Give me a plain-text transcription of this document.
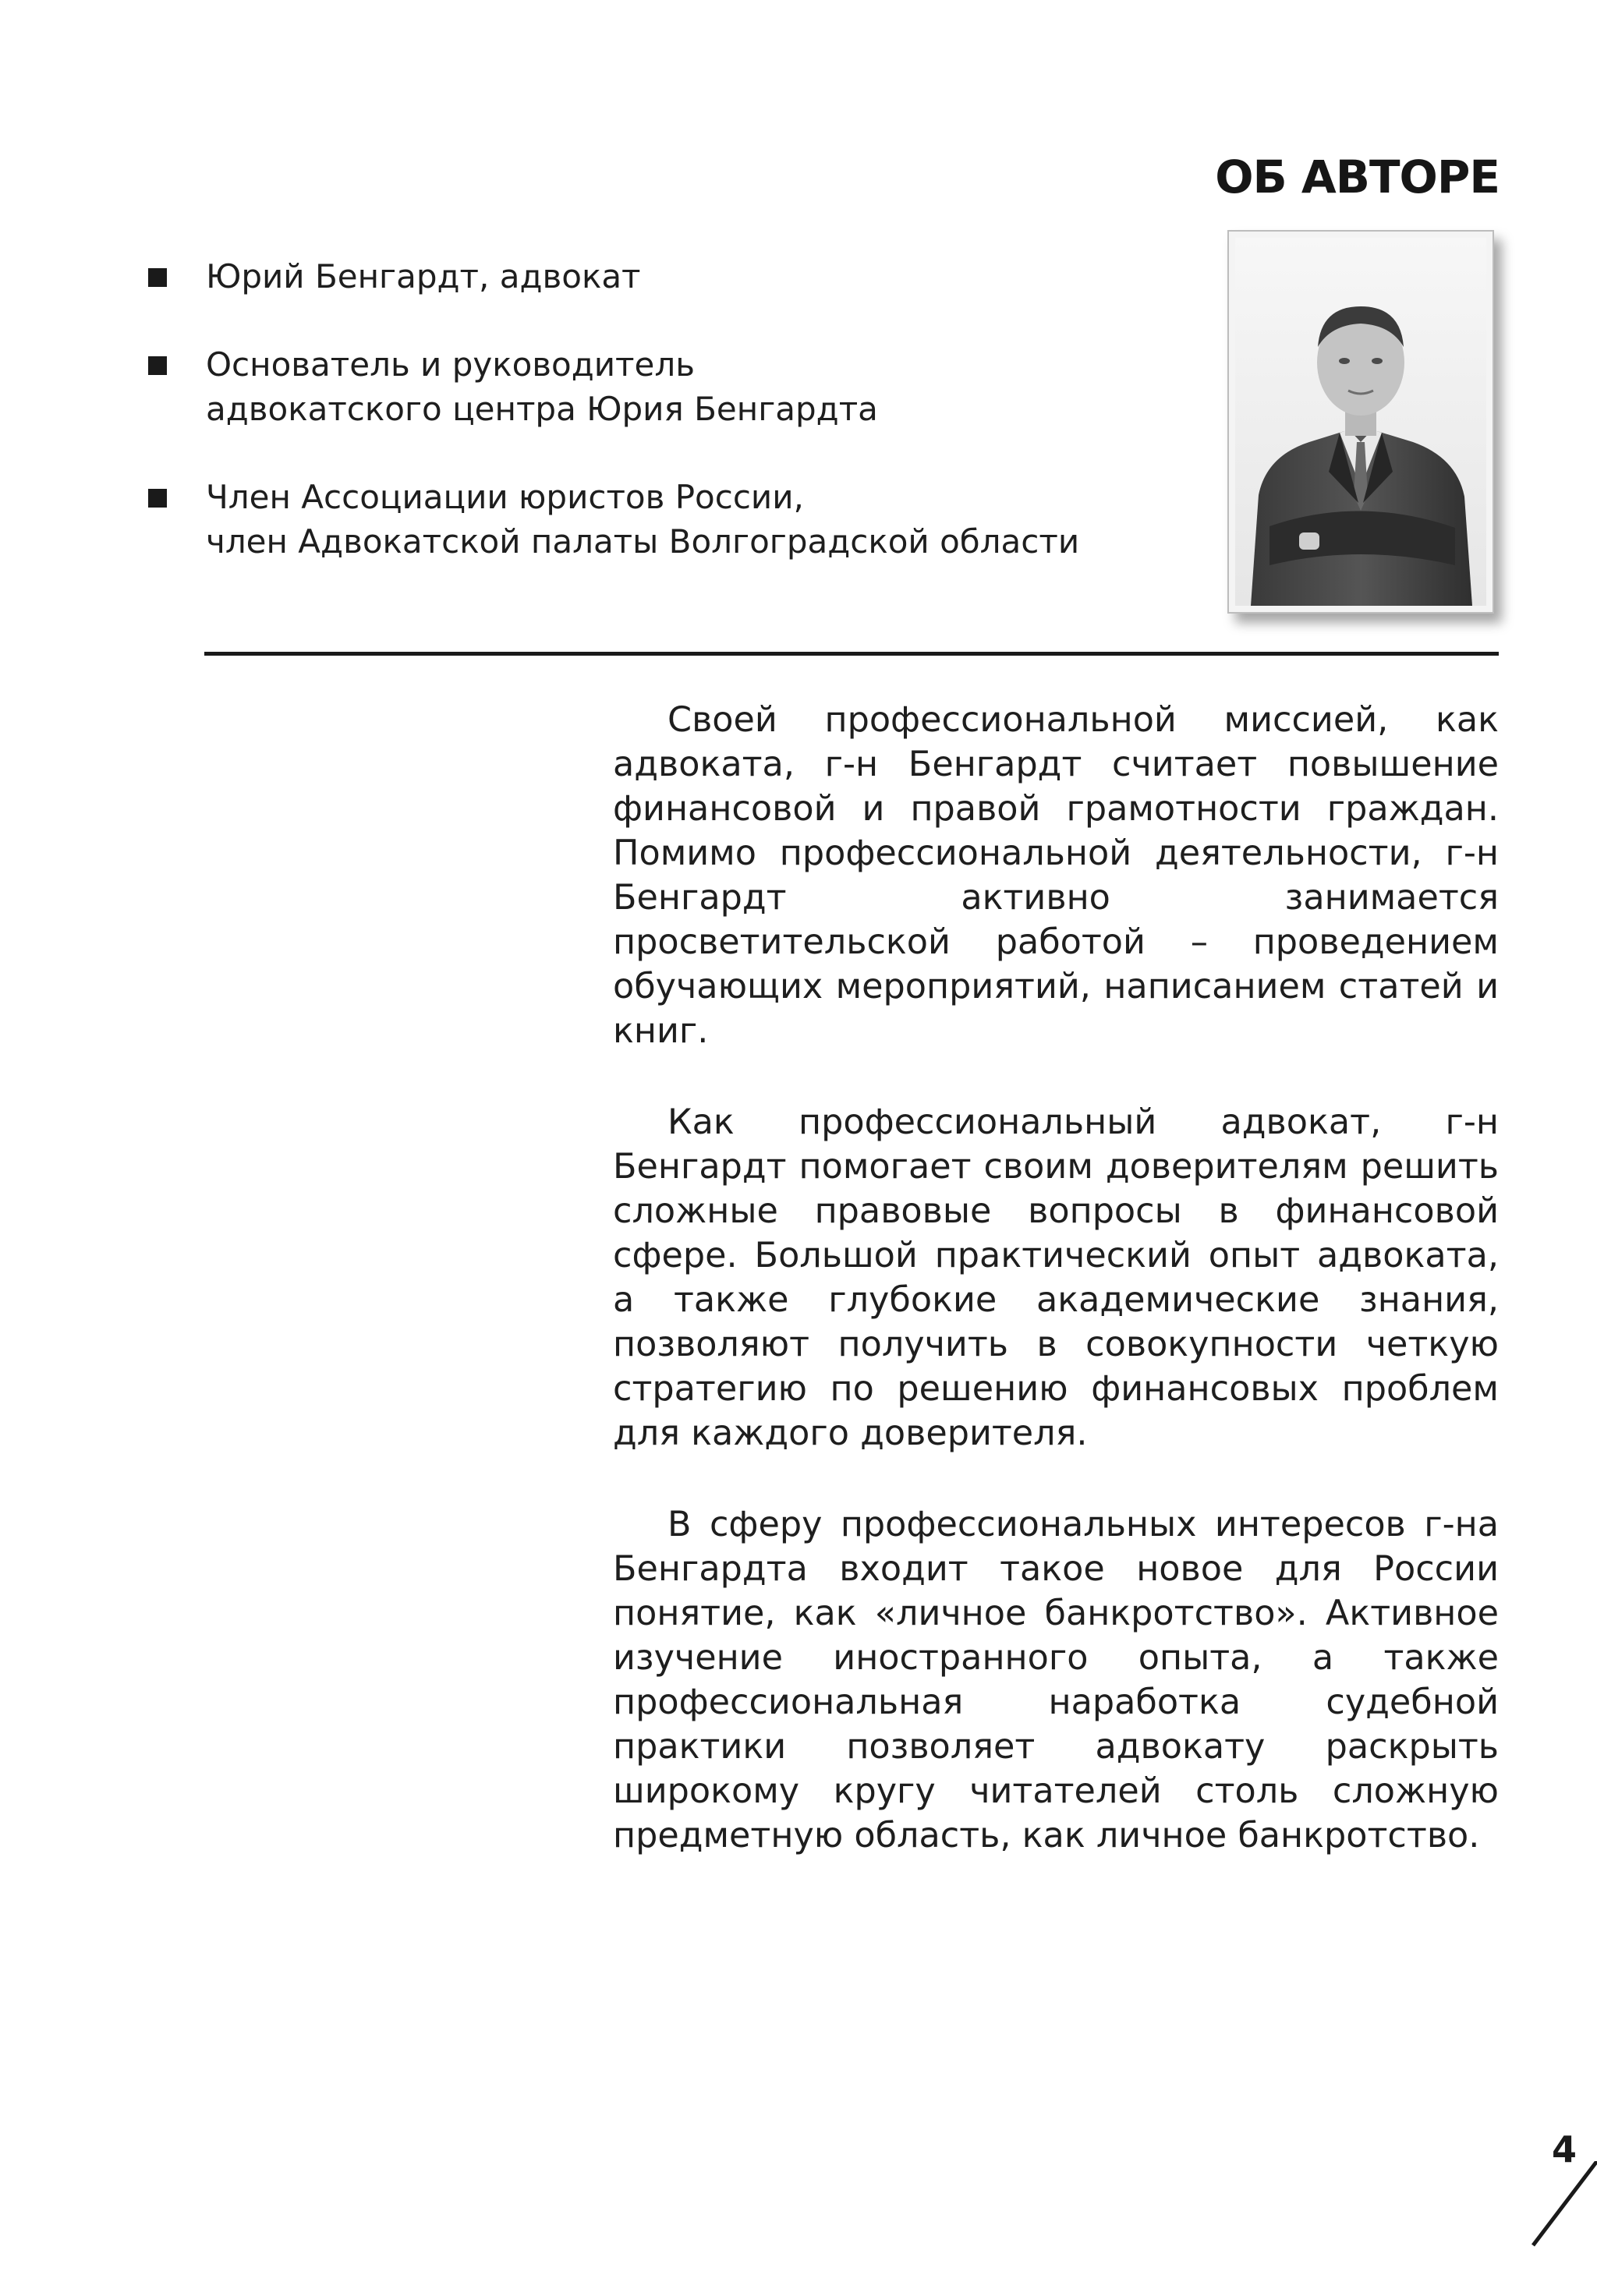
ОБ АВТОРЕ
Юрий Бенгардт, адвокат
Основатель и руководитель
адвокатского центра Юрия Бенгардта
Член Ассоциации юристов России,
член Адвокатской палаты Волгоградской области

Своей профессиональной миссией, как адвоката, г-н Бенгардт считает повышение финансовой и правой грамотности граждан. Помимо профессиональной деятельности, г-н Бенгардт активно занимается просветительской работой – проведением обучающих мероприятий, написанием статей и книг.

Как профессиональный адвокат, г-н Бенгардт помогает своим доверителям решить сложные правовые вопросы в финансовой сфере. Большой практический опыт адвоката, а также глубокие академические знания, позволяют получить в совокупности четкую стратегию по решению финансовых проблем для каждого доверителя.

В сферу профессиональных интересов г-на Бенгардта входит такое новое для России понятие, как «личное банкротство». Активное изучение иностранного опыта, а также профессиональная наработка судебной практики позволяет адвокату раскрыть широкому кругу читателей столь сложную предметную область, как личное банкротство.

4
